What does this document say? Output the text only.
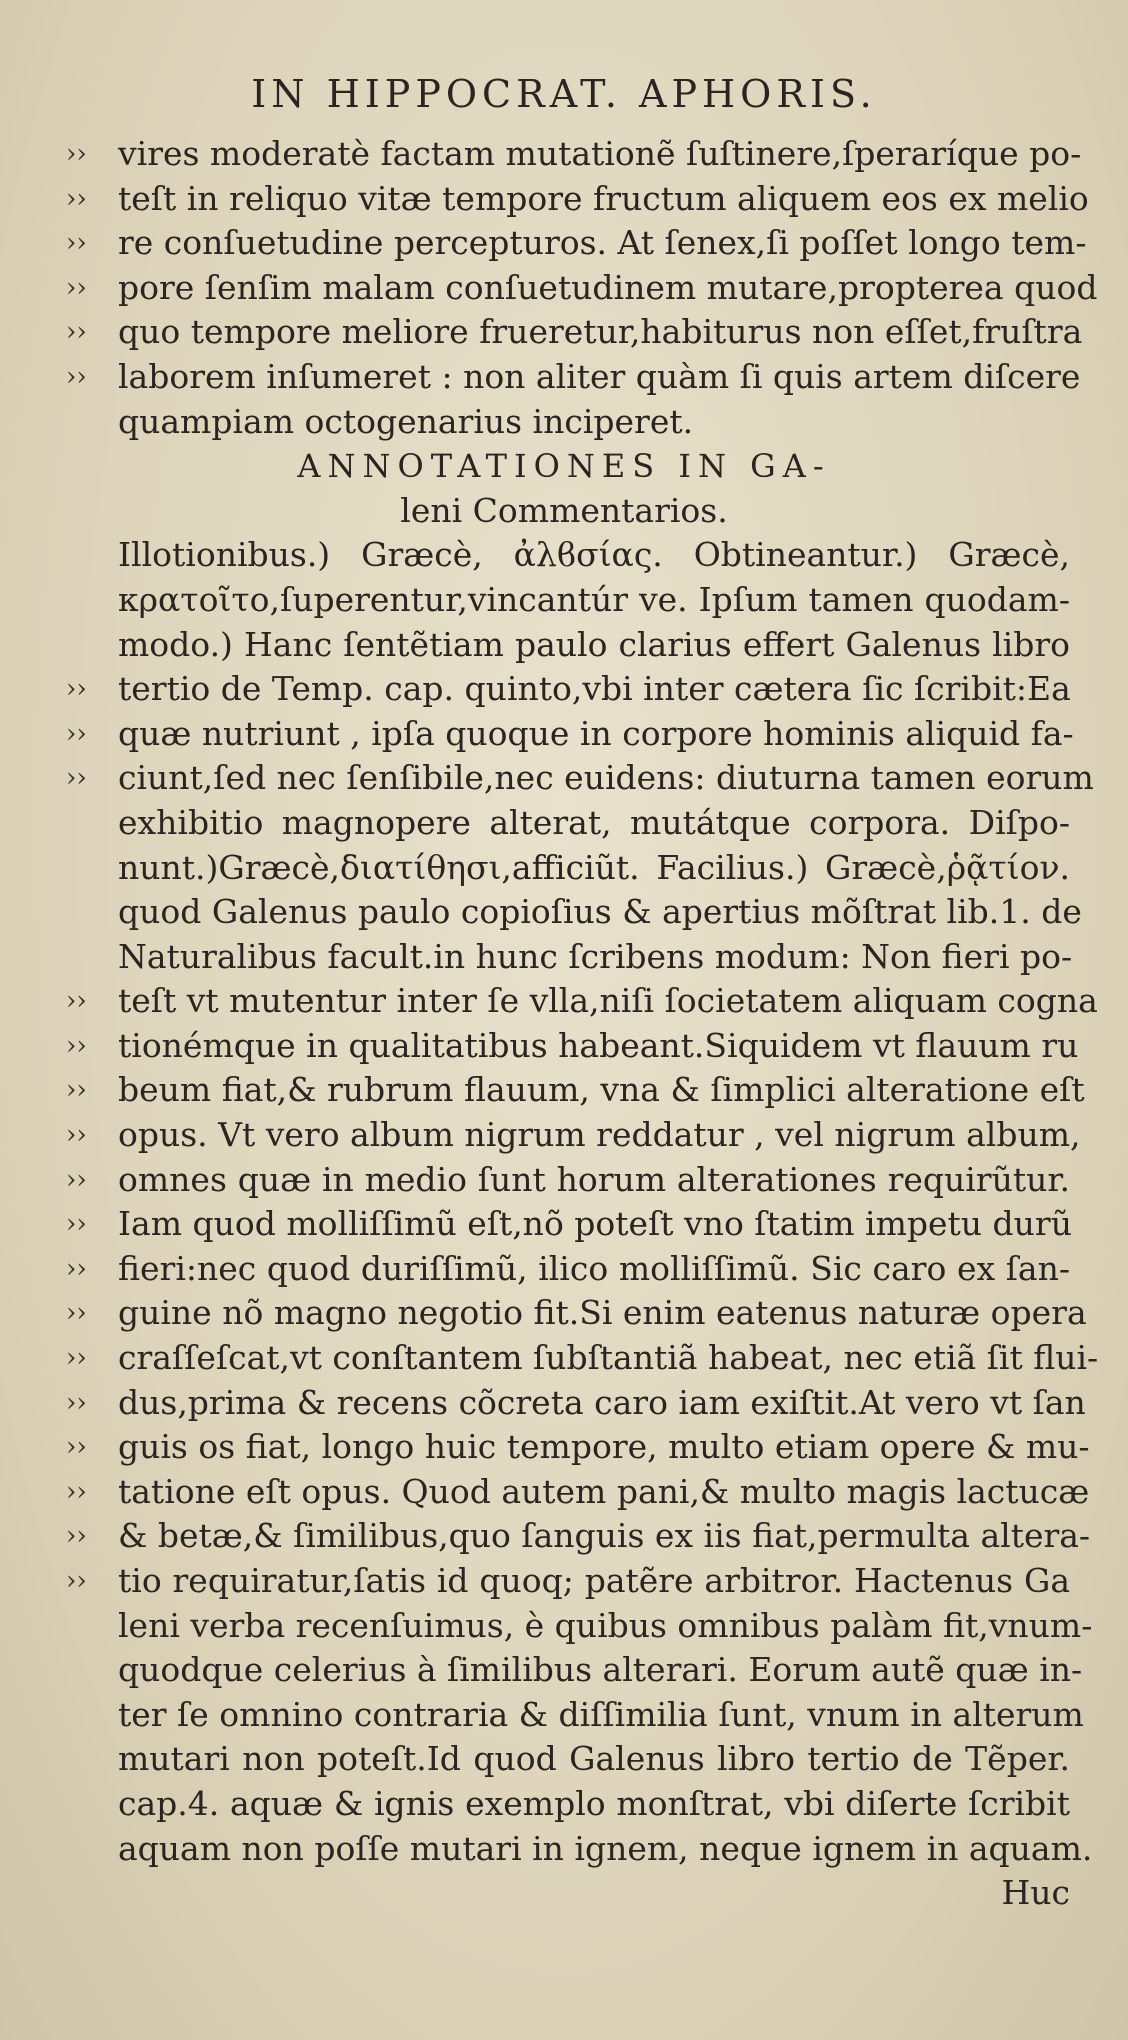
IN HIPPOCRAT. APHORIS.
›› vires moderatè factam mutationẽ ſuſtinere,ſperaríque po-
›› teſt in reliquo vitæ tempore fructum aliquem eos ex melio
›› re conſuetudine percepturos. At ſenex,ſi poſſet longo tem-
›› pore ſenſim malam conſuetudinem mutare,propterea quod
›› quo tempore meliore frueretur,habiturus non eſſet,fruſtra
›› laborem inſumeret : non aliter quàm ſi quis artem diſcere
quampiam octogenarius inciperet.
ANNOTATIONES IN GA-
leni Commentarios.
Illotionibus.) Græcè, ἀλϐσίας. Obtineantur.) Græcè,
κρατοῖτο,ſuperentur,vincantúr ve. Ipſum tamen quodam-
modo.) Hanc ſentẽtiam paulo clarius effert Galenus libro
›› tertio de Temp. cap. quinto,vbi inter cætera ſic ſcribit:Ea
›› quæ nutriunt , ipſa quoque in corpore hominis aliquid fa-
›› ciunt,ſed nec ſenſibile,nec euidens: diuturna tamen eorum
exhibitio magnopere alterat, mutátque corpora. Diſpo-
nunt.)Græcè,διατίθησι,afficiũt. Facilius.) Græcè,ῥᾷτίον.
quod Galenus paulo copioſius & apertius mõſtrat lib.1. de
Naturalibus facult.in hunc ſcribens modum: Non fieri po-
›› teſt vt mutentur inter ſe vlla,niſi ſocietatem aliquam cogna
›› tionémque in qualitatibus habeant.Siquidem vt flauum ru
›› beum fiat,& rubrum flauum, vna & ſimplici alteratione eſt
›› opus. Vt vero album nigrum reddatur , vel nigrum album,
›› omnes quæ in medio ſunt horum alterationes requirũtur.
›› Iam quod molliſſimũ eſt,nõ poteſt vno ſtatim impetu durũ
›› fieri:nec quod duriſſimũ, ilico molliſſimũ. Sic caro ex ſan-
›› guine nõ magno negotio fit.Si enim eatenus naturæ opera
›› craſſeſcat,vt conſtantem ſubſtantiã habeat, nec etiã ſit flui-
›› dus,prima & recens cõcreta caro iam exiſtit.At vero vt ſan
›› guis os fiat, longo huic tempore, multo etiam opere & mu-
›› tatione eſt opus. Quod autem pani,& multo magis lactucæ
›› & betæ,& ſimilibus,quo ſanguis ex iis fiat,permulta altera-
›› tio requiratur,ſatis id quoq; patẽre arbitror. Hactenus Ga
leni verba recenſuimus, è quibus omnibus palàm fit,vnum-
quodque celerius à ſimilibus alterari. Eorum autẽ quæ in-
ter ſe omnino contraria & diſſimilia ſunt, vnum in alterum
mutari non poteſt.Id quod Galenus libro tertio de Tẽper.
cap.4. aquæ & ignis exemplo monſtrat, vbi diſerte ſcribit
aquam non poſſe mutari in ignem, neque ignem in aquam.
Huc
